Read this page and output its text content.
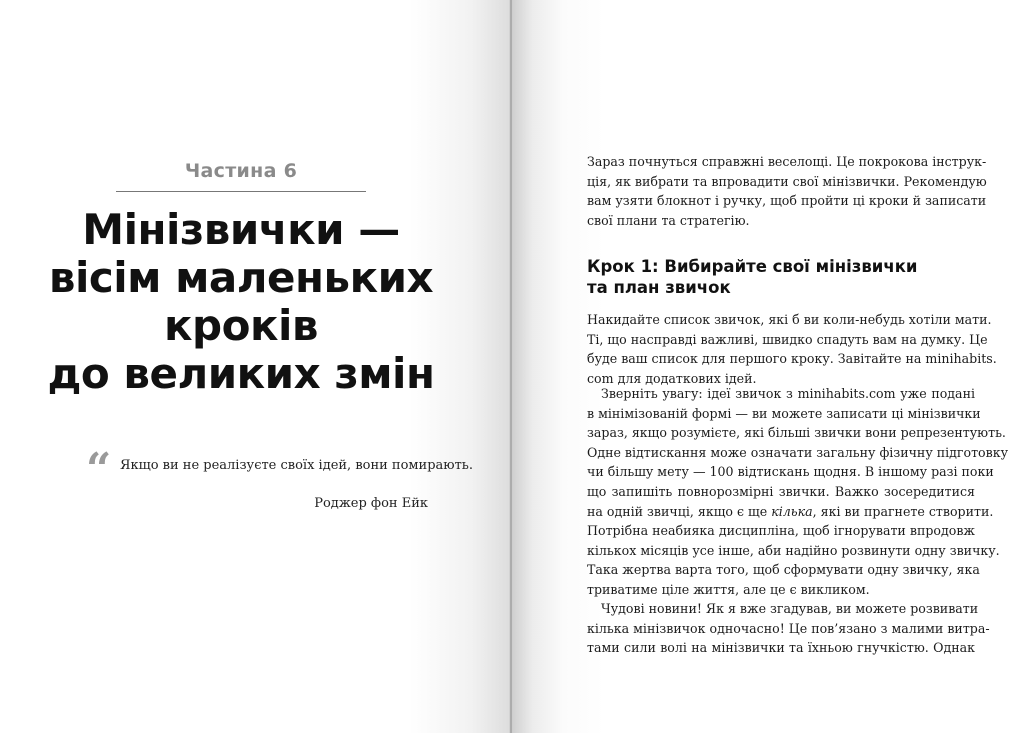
Частина 6
Мінізвички —
вісім маленьких
кроків
до великих змін
“ Якщо ви не реалізуєте своїх ідей, вони помирають.
Роджер фон Ейк
Зараз почнуться справжні веселощі. Це покрокова інструк-
ція, як вибрати та впровадити свої мінізвички. Рекомендую
вам узяти блокнот і ручку, щоб пройти ці кроки й записати
свої плани та стратегію.
Крок 1: Вибирайте свої мінізвички
та план звичок
Накидайте список звичок, які б ви коли-небудь хотіли мати.
Ті, що насправді важливі, швидко спадуть вам на думку. Це
буде ваш список для першого кроку. Завітайте на minihabits.
com для додаткових ідей.
Зверніть увагу: ідеї звичок з minihabits.com уже подані
в мінімізованій формі — ви можете записати ці мінізвички
зараз, якщо розумієте, які більші звички вони репрезентують.
Одне відтискання може означати загальну фізичну підготовку
чи більшу мету — 100 відтискань щодня. В іншому разі поки
що запишіть повнорозмірні звички. Важко зосередитися
на одній звичці, якщо є ще кілька, які ви прагнете створити.
Потрібна неабияка дисципліна, щоб ігнорувати впродовж
кількох місяців усе інше, аби надійно розвинути одну звичку.
Така жертва варта того, щоб сформувати одну звичку, яка
триватиме ціле життя, але це є викликом.
Чудові новини! Як я вже згадував, ви можете розвивати
кілька мінізвичок одночасно! Це пов’язано з малими витра-
тами сили волі на мінізвички та їхньою гнучкістю. Однак
